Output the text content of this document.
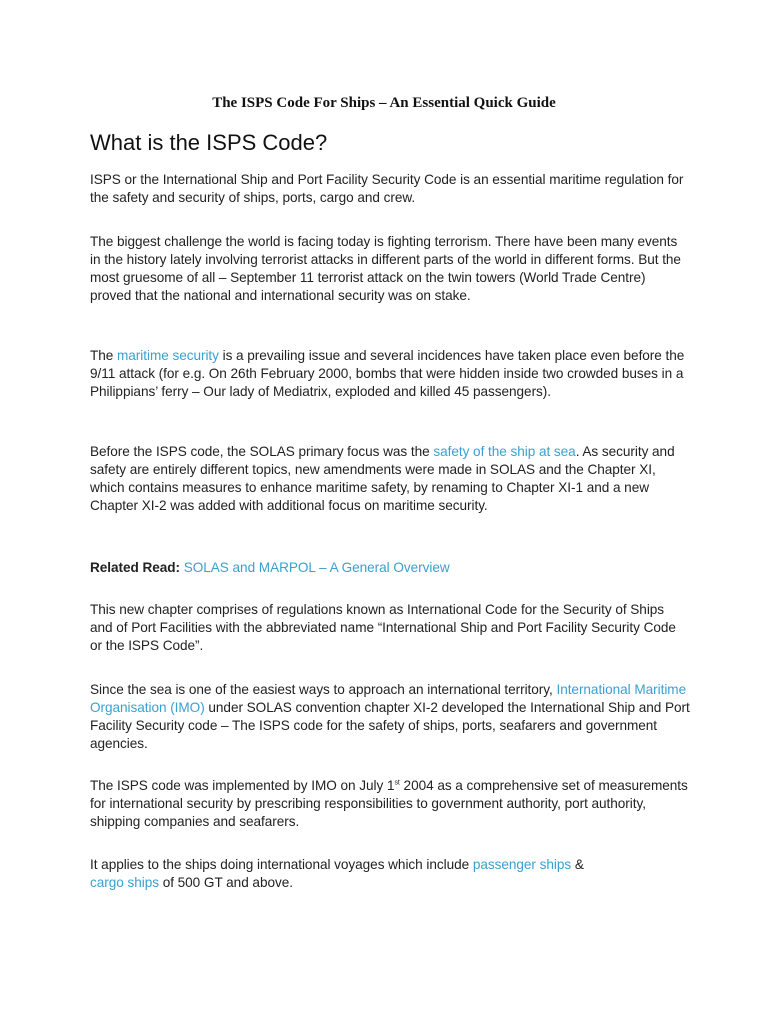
The ISPS Code For Ships – An Essential Quick Guide
What is the ISPS Code?

ISPS or the International Ship and Port Facility Security Code is an essential maritime regulation for the safety and security of ships, ports, cargo and crew.

The biggest challenge the world is facing today is fighting terrorism. There have been many events in the history lately involving terrorist attacks in different parts of the world in different forms. But the most gruesome of all – September 11 terrorist attack on the twin towers (World Trade Centre) proved that the national and international security was on stake.

The maritime security is a prevailing issue and several incidences have taken place even before the 9/11 attack (for e.g. On 26th February 2000, bombs that were hidden inside two crowded buses in a Philippians’ ferry – Our lady of Mediatrix, exploded and killed 45 passengers).

Before the ISPS code, the SOLAS primary focus was the safety of the ship at sea. As security and safety are entirely different topics, new amendments were made in SOLAS and the Chapter XI, which contains measures to enhance maritime safety, by renaming to Chapter XI-1 and a new Chapter XI-2 was added with additional focus on maritime security.

Related Read: SOLAS and MARPOL – A General Overview

This new chapter comprises of regulations known as International Code for the Security of Ships and of Port Facilities with the abbreviated name “International Ship and Port Facility Security Code or the ISPS Code”.

Since the sea is one of the easiest ways to approach an international territory, International Maritime Organisation (IMO) under SOLAS convention chapter XI-2 developed the International Ship and Port Facility Security code – The ISPS code for the safety of ships, ports, seafarers and government agencies.

The ISPS code was implemented by IMO on July 1st 2004 as a comprehensive set of measurements for international security by prescribing responsibilities to government authority, port authority, shipping companies and seafarers.

It applies to the ships doing international voyages which include passenger ships &
cargo ships of 500 GT and above.
